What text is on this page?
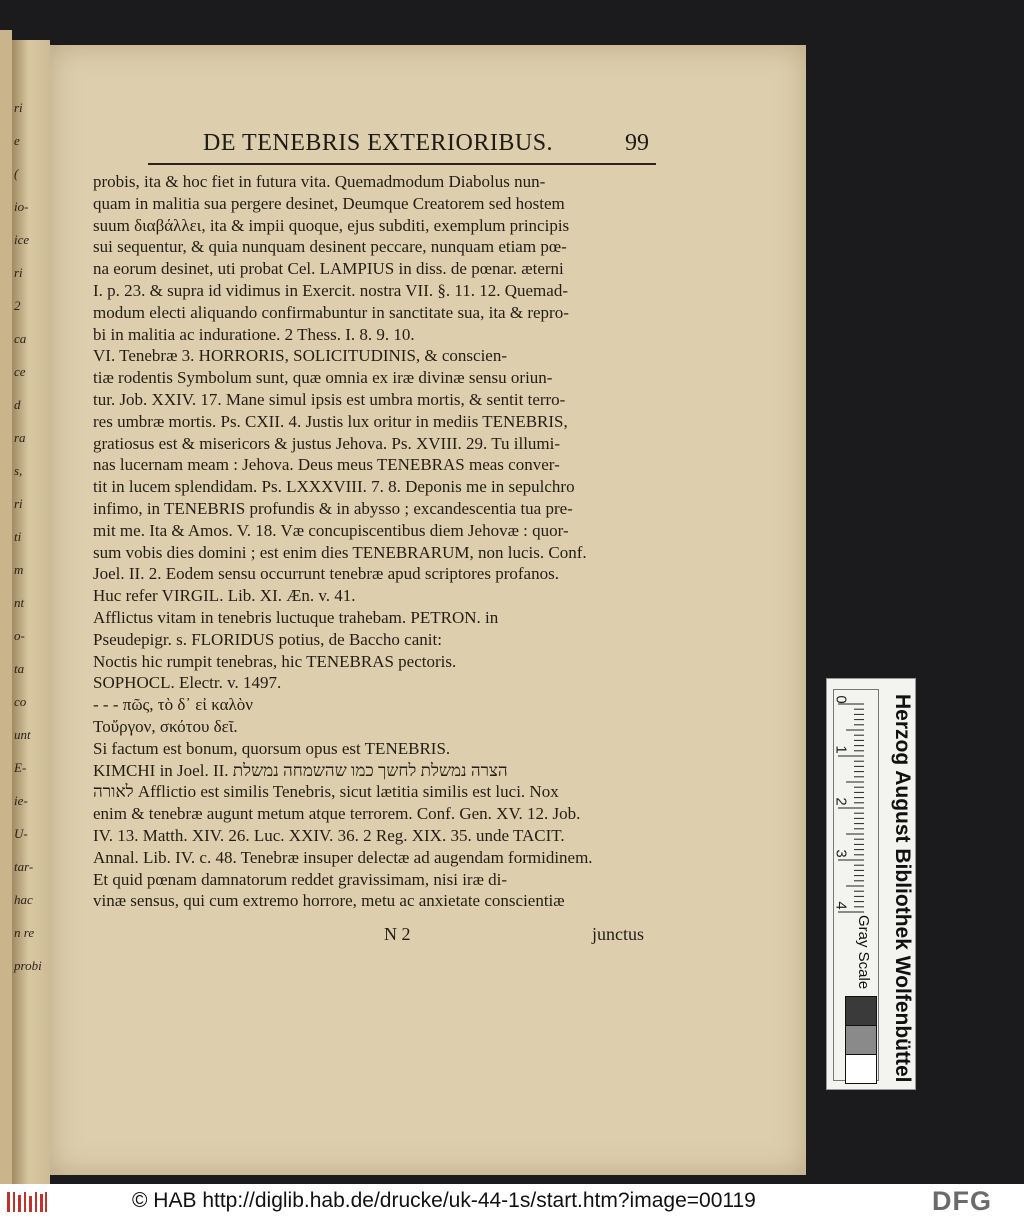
ri
e
(
io-
ice
ri
2
ca
ce
d
ra
s,
ri
ti
m
nt
o-
ta
co
unt
E-
ie-
U-
tar-
hac
n re
probi
DE TENEBRIS EXTERIORIBUS.	99
probis, ita & hoc fiet in futura vita. Quemadmodum Diabolus nun-
quam in malitia sua pergere desinet, Deumque Creatorem sed hostem
suum διαβάλλει, ita & impii quoque, ejus subditi, exemplum principis
sui sequentur, & quia nunquam desinent peccare, nunquam etiam pœ-
na eorum desinet, uti probat Cel. LAMPIUS in diss. de pœnar. æterni
I. p. 23. & supra id vidimus in Exercit. nostra VII. §. 11. 12. Quemad-
modum electi aliquando confirmabuntur in sanctitate sua, ita & repro-
bi in malitia ac induratione. 2 Thess. I. 8. 9. 10.
VI. Tenebræ 3. HORRORIS, SOLICITUDINIS, & conscien-
tiæ rodentis Symbolum sunt, quæ omnia ex iræ divinæ sensu oriun-
tur. Job. XXIV. 17. Mane simul ipsis est umbra mortis, & sentit terro-
res umbræ mortis. Ps. CXII. 4. Justis lux oritur in mediis TENEBRIS,
gratiosus est & misericors & justus Jehova. Ps. XVIII. 29. Tu illumi-
nas lucernam meam : Jehova. Deus meus TENEBRAS meas conver-
tit in lucem splendidam. Ps. LXXXVIII. 7. 8. Deponis me in sepulchro
infimo, in TENEBRIS profundis & in abysso ; excandescentia tua pre-
mit me. Ita & Amos. V. 18. Væ concupiscentibus diem Jehovæ : quor-
sum vobis dies domini ; est enim dies TENEBRARUM, non lucis. Conf.
Joel. II. 2. Eodem sensu occurrunt tenebræ apud scriptores profanos.
Huc refer VIRGIL. Lib. XI. Æn. v. 41.
Afflictus vitam in tenebris luctuque trahebam. PETRON. in
Pseudepigr. s. FLORIDUS potius, de Baccho canit:
Noctis hic rumpit tenebras, hic TENEBRAS pectoris.
SOPHOCL. Electr. v. 1497.
- - - πῶς, τὸ δ᾽ εἰ καλὸν
Τοὔργον, σκότου δεῖ.
Si factum est bonum, quorsum opus est TENEBRIS.
KIMCHI in Joel. II. הצרה נמשלת לחשך כמו שהשמחה נמשלת
לאורה Afflictio est similis Tenebris, sicut lætitia similis est luci. Nox
enim & tenebræ augunt metum atque terrorem. Conf. Gen. XV. 12. Job.
IV. 13. Matth. XIV. 26. Luc. XXIV. 36. 2 Reg. XIX. 35. unde TACIT.
Annal. Lib. IV. c. 48. Tenebræ insuper delectæ ad augendam formidinem.
Et quid pœnam damnatorum reddet gravissimam, nisi iræ di-
vinæ sensus, qui cum extremo horrore, metu ac anxietate conscientiæ
N 2	junctus
0
1
2
3
4 Herzog August Bibliothek Wolfenbüttel
Gray Scale
© HAB http://diglib.hab.de/drucke/uk-44-1s/start.htm?image=00119	DFG
